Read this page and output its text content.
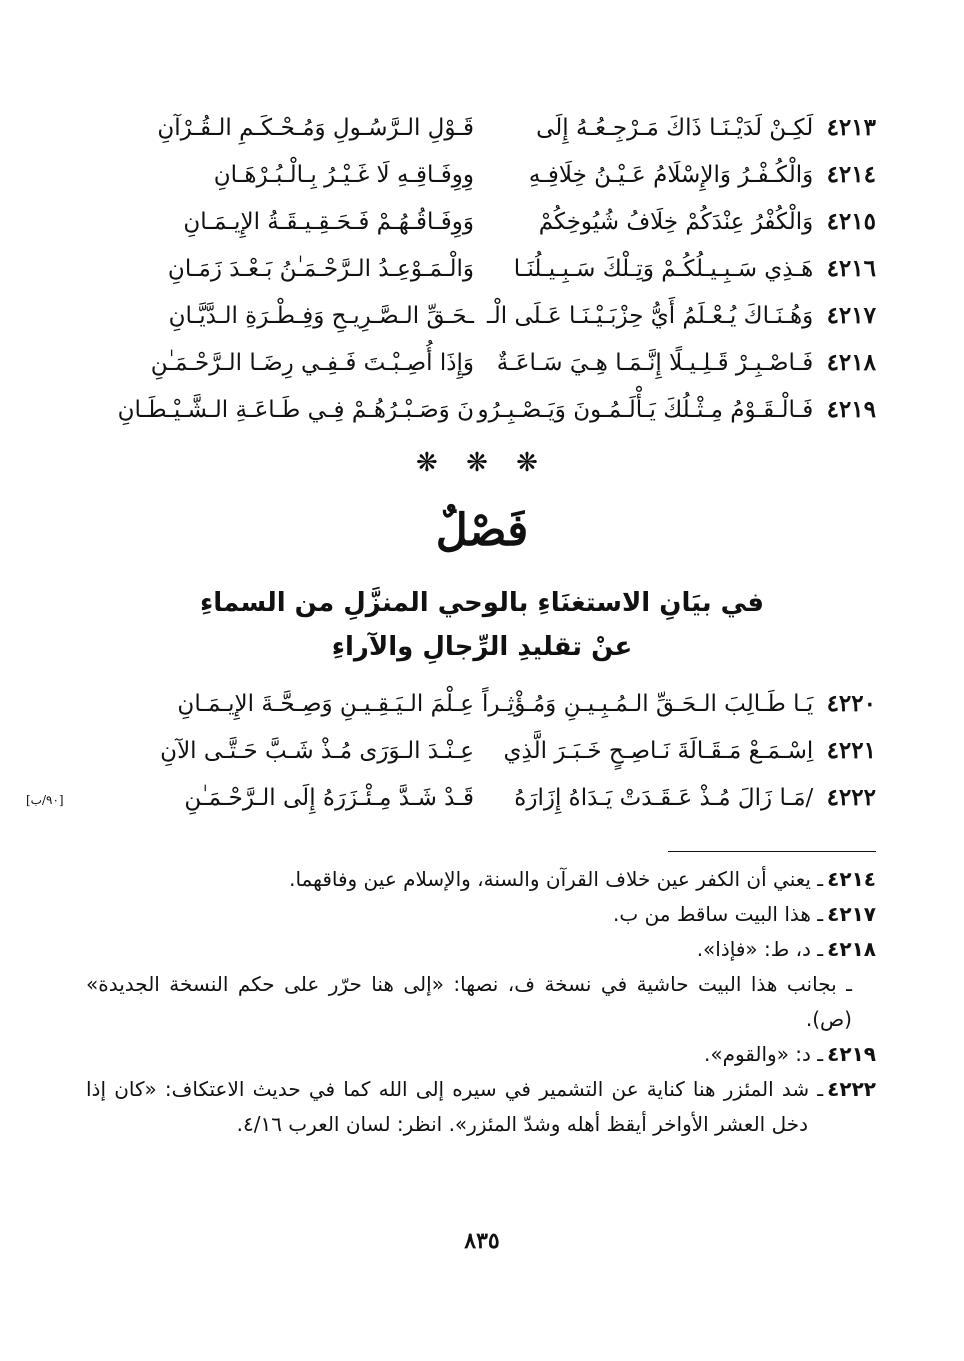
٤٢١٣ لَكِـنْ لَدَيْـنَـا ذَاكَ مَـرْجِـعُـهُ إِلَى
قَـوْلِ الـرَّسُـولِ وَمُـحْـكَـمِ الـقُـرْآنِ
٤٢١٤ وَالْكُـفْـرُ وَالإِسْلَامُ عَـيْـنُ خِلَافِـهِ
وِوِفَـاقِـهِ لَا غَـيْـرُ بِـالْـبُـرْهَـانِ
٤٢١٥ وَالْكُفْرُ عِنْدَكُمْ خِلَافُ شُيُوخِكُمْ
وَوِفَـاقُـهُـمْ فَـحَـقِـيـقَـةُ الإِيـمَـانِ
٤٢١٦ هَـذِي سَـبِـيـلُكُـمْ وَتِـلْكَ سَـبِـيـلُنَـا
وَالْـمَـوْعِـدُ الـرَّحْـمَـٰنُ بَـعْـدَ زَمَـانِ
٤٢١٧ وَهُـنَـاكَ يُـعْـلَمُ أَيُّ حِزْبَـيْـنَـا عَـلَى الْـ
ـحَـقِّ الـصَّـرِيـحِ وَفِـطْـرَةِ الـدَّيَّـانِ
٤٢١٨ فَـاصْـبِـرْ قَـلِـيـلًا إِنَّـمَـا هِـيَ سَـاعَـةٌ
وَإِذَا أُصِـبْـتَ فَـفِـي رِضَـا الـرَّحْـمَـٰنِ
٤٢١٩ فَـالْـقَـوْمُ مِـثْـلُكَ يَـأْلَـمُـونَ وَيَـصْـبِـرُو
نَ وَصَـبْـرُهُـمْ فِـي طَـاعَـةِ الـشَّـيْـطَـانِ
❋ ❋ ❋
فَصْلٌ
في بيَانِ الاستغنَاءِ بالوحي المنزَّلِ من السماءِ
عنْ تقليدِ الرِّجالِ والآراءِ
٤٢٢٠ يَـا طَـالِبَ الـحَـقِّ الـمُـبِـيـنِ وَمُـؤْثِـراً
عِـلْمَ الـيَـقِـيـنِ وَصِـحَّـةَ الإِيـمَـانِ
٤٢٢١ اِسْـمَـعْ مَـقَـالَةَ نَـاصِـحٍ خَـبَـرَ الَّذِي
عِـنْـدَ الـوَرَى مُـذْ شَـبَّ حَـتَّـى الآنِ
٤٢٢٢ /مَـا زَالَ مُـذْ عَـقَـدَتْ يَـدَاهُ إِزَارَهُ
قَـدْ شَـدَّ مِـئْـزَرَهُ إِلَى الـرَّحْـمَـٰنِ
[٩٠/ب]

٤٢١٤ـ يعني أن الكفر عين خلاف القرآن والسنة، والإسلام عين وفاقهما.

٤٢١٧ـ هذا البيت ساقط من ب.

٤٢١٨ـ د، ط: «فإذا».

ـ بجانب هذا البيت حاشية في نسخة ف، نصها: «إلى هنا حرّر على حكم النسخة الجديدة» (ص).

٤٢١٩ـ د: «والقوم».

٤٢٢٢ـ شد المئزر هنا كناية عن التشمير في سيره إلى الله كما في حديث الاعتكاف: «كان إذا دخل العشر الأواخر أيقظ أهله وشدّ المئزر». انظر: لسان العرب ٤/١٦.

٨٣٥
